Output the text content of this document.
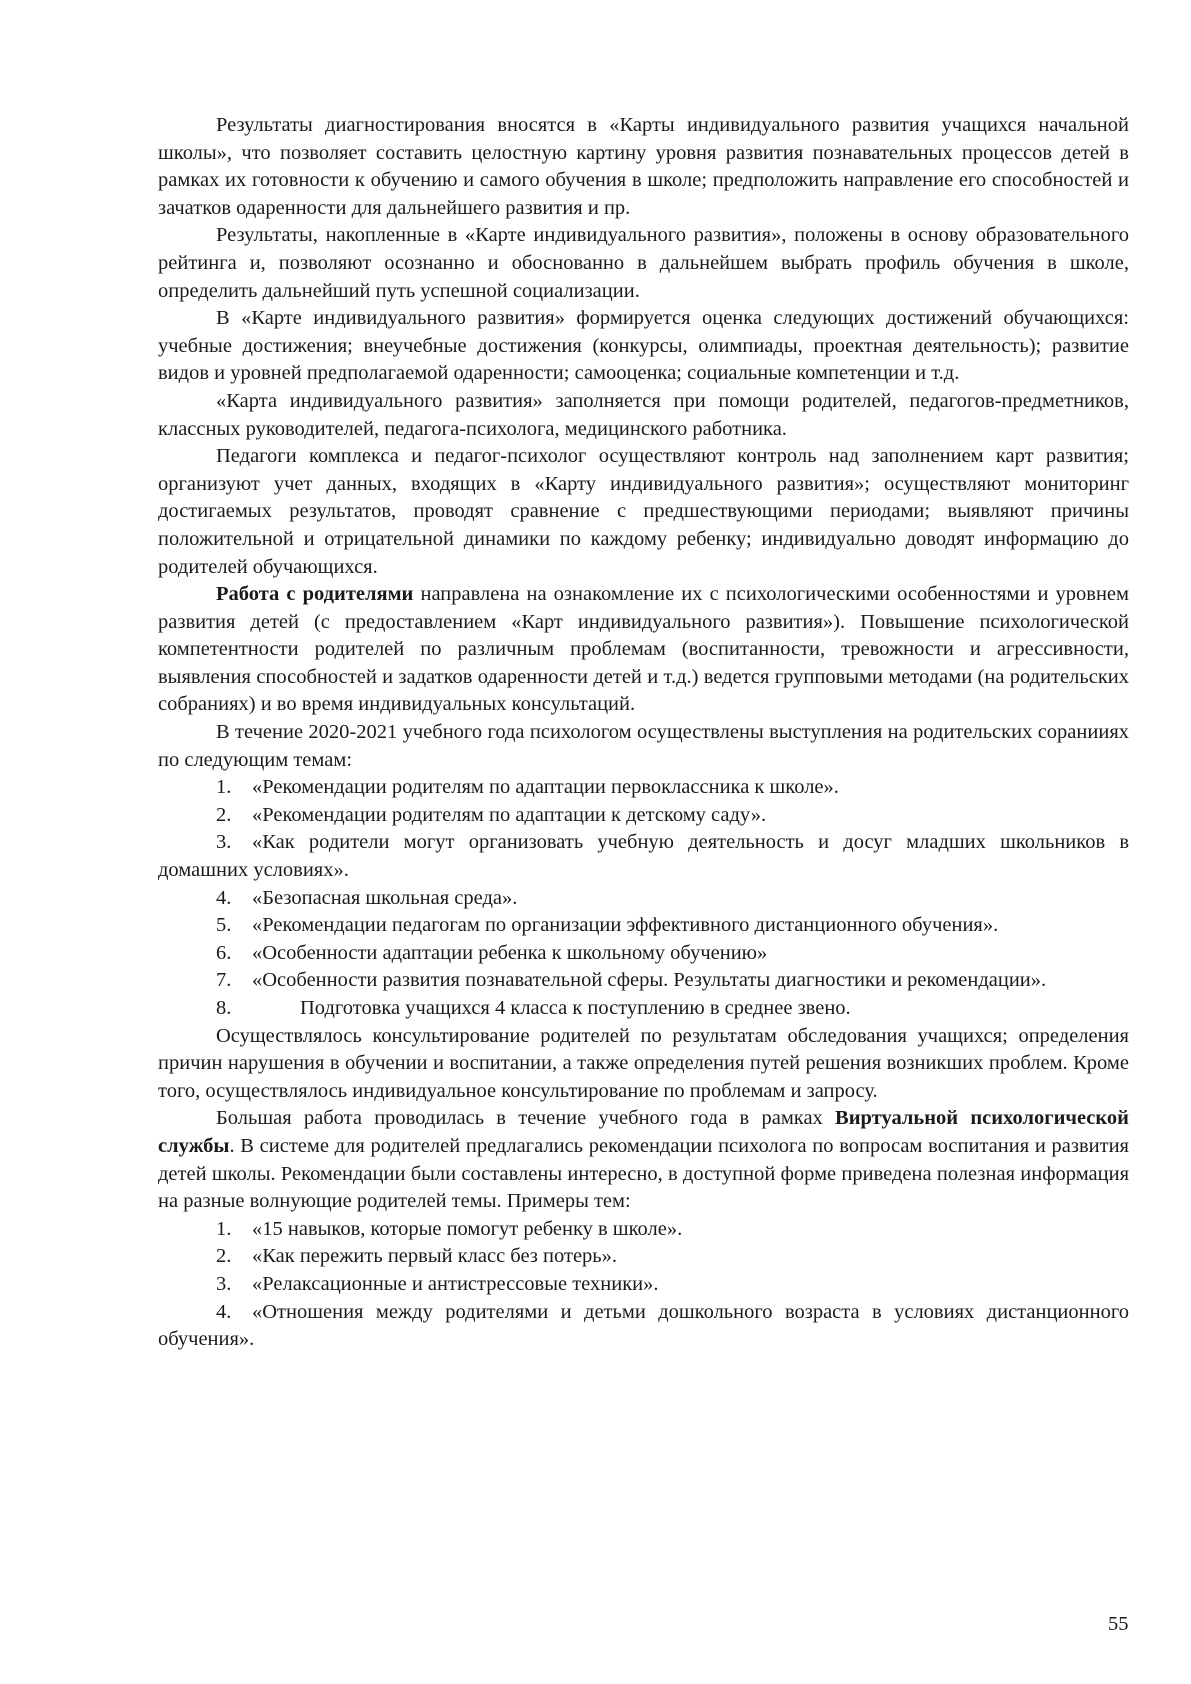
Результаты диагностирования вносятся в «Карты индивидуального развития учащихся начальной школы», что позволяет составить целостную картину уровня развития познавательных процессов детей в рамках их готовности к обучению и самого обучения в школе; предположить направление его способностей и зачатков одаренности для дальнейшего развития и пр.

Результаты, накопленные в «Карте индивидуального развития», положены в основу образовательного рейтинга и, позволяют осознанно и обоснованно в дальнейшем выбрать профиль обучения в школе, определить дальнейший путь успешной социализации.

В «Карте индивидуального развития» формируется оценка следующих достижений обучающихся: учебные достижения; внеучебные достижения (конкурсы, олимпиады, проектная деятельность); развитие видов и уровней предполагаемой одаренности; самооценка; социальные компетенции и т.д.

«Карта индивидуального развития» заполняется при помощи родителей, педагогов-предметников, классных руководителей, педагога-психолога, медицинского работника.

Педагоги комплекса и педагог-психолог осуществляют контроль над заполнением карт развития; организуют учет данных, входящих в «Карту индивидуального развития»; осуществляют мониторинг достигаемых результатов, проводят сравнение с предшествующими периодами; выявляют причины положительной и отрицательной динамики по каждому ребенку; индивидуально доводят информацию до родителей обучающихся.

Работа с родителями направлена на ознакомление их с психологическими особенностями и уровнем развития детей (с предоставлением «Карт индивидуального развития»). Повышение психологической компетентности родителей по различным проблемам (воспитанности, тревожности и агрессивности, выявления способностей и задатков одаренности детей и т.д.) ведется групповыми методами (на родительских собраниях) и во время индивидуальных консультаций.

В течение 2020-2021 учебного года психологом осуществлены выступления на родительских соранииях по следующим темам:

1. «Рекомендации родителям по адаптации первоклассника к школе».

2. «Рекомендации родителям по адаптации к детскому саду».

3. «Как родители могут организовать учебную деятельность и досуг младших школьников в домашних условиях».

4. «Безопасная школьная среда».

5. «Рекомендации педагогам по организации эффективного дистанционного обучения».

6. «Особенности адаптации ребенка к школьному обучению»

7. «Особенности развития познавательной сферы. Результаты диагностики и рекомендации».

8.	Подготовка учащихся 4 класса к поступлению в среднее звено.

Осуществлялось консультирование родителей по результатам обследования учащихся; определения причин нарушения в обучении и воспитании, а также определения путей решения возникших проблем. Кроме того, осуществлялось индивидуальное консультирование по проблемам и запросу.

Большая работа проводилась в течение учебного года в рамках Виртуальной психологической службы. В системе для родителей предлагались рекомендации психолога по вопросам воспитания и развития детей школы. Рекомендации были составлены интересно, в доступной форме приведена полезная информация на разные волнующие родителей темы. Примеры тем:

1. «15 навыков, которые помогут ребенку в школе».

2. «Как пережить первый класс без потерь».

3. «Релаксационные и антистрессовые техники».

4. «Отношения между родителями и детьми дошкольного возраста в условиях дистанционного обучения».

55
